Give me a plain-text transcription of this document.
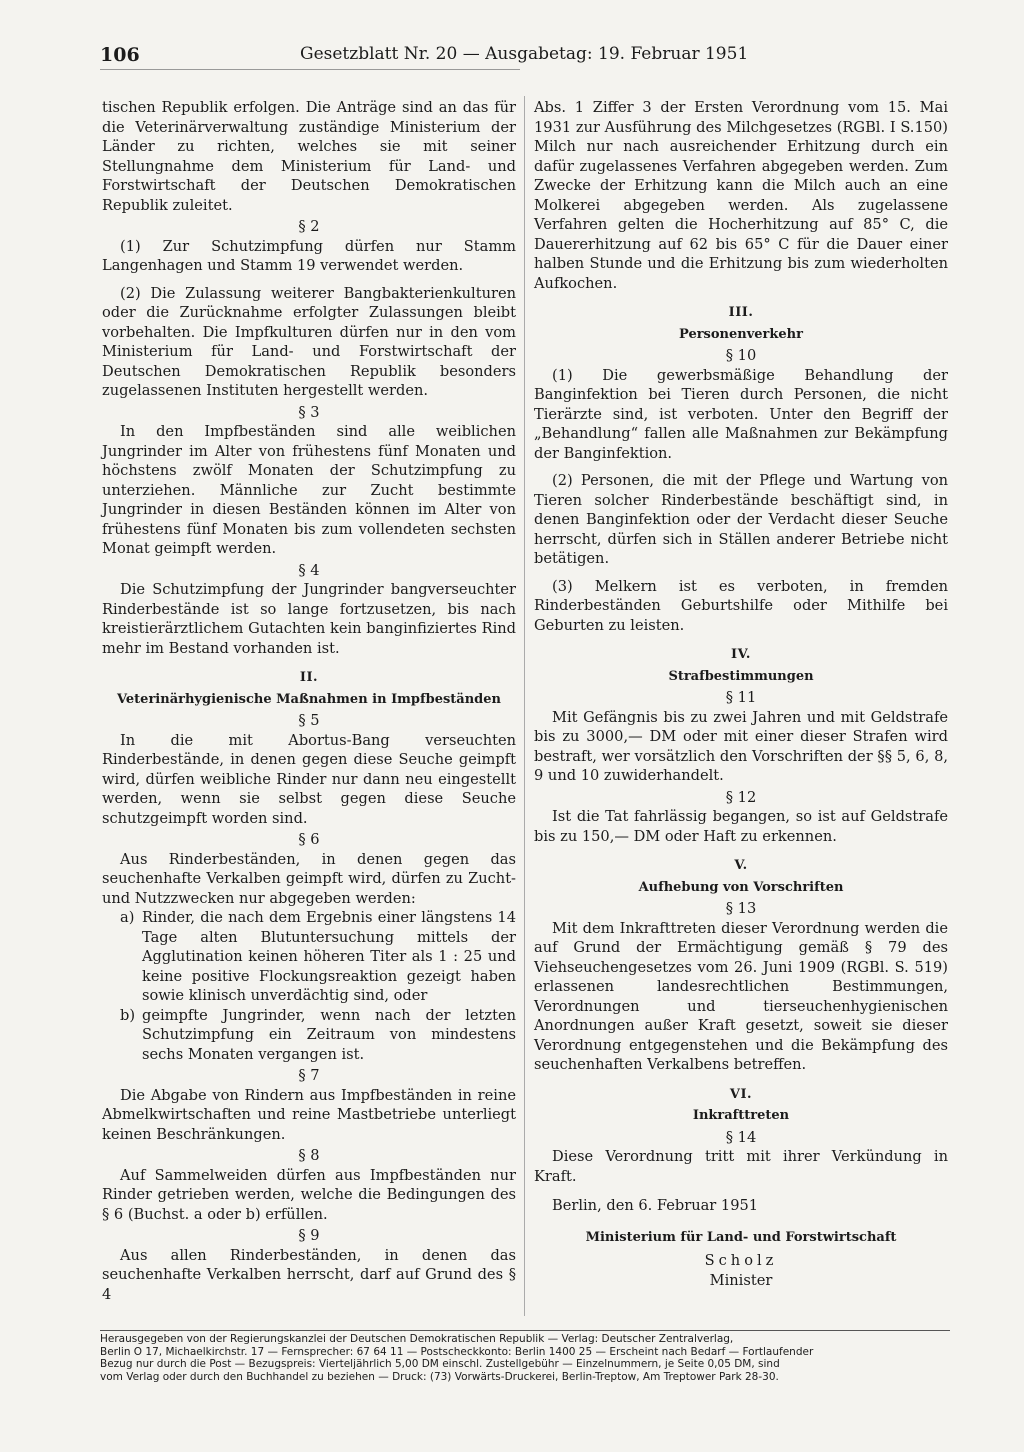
106	Gesetzblatt Nr. 20 — Ausgabetag: 19. Februar 1951

tischen Republik erfolgen. Die Anträge sind an das für die Veterinärverwaltung zuständige Ministerium der Länder zu richten, welches sie mit seiner Stellungnahme dem Ministerium für Land- und Forstwirtschaft der Deutschen Demokratischen Republik zuleitet.

§ 2

(1) Zur Schutzimpfung dürfen nur Stamm Langenhagen und Stamm 19 verwendet werden.

(2) Die Zulassung weiterer Bangbakterienkulturen oder die Zurücknahme erfolgter Zulassungen bleibt vorbehalten. Die Impfkulturen dürfen nur in den vom Ministerium für Land- und Forstwirtschaft der Deutschen Demokratischen Republik besonders zugelassenen Instituten hergestellt werden.

§ 3

In den Impfbeständen sind alle weiblichen Jungrinder im Alter von frühestens fünf Monaten und höchstens zwölf Monaten der Schutzimpfung zu unterziehen. Männliche zur Zucht bestimmte Jungrinder in diesen Beständen können im Alter von frühestens fünf Monaten bis zum vollendeten sechsten Monat geimpft werden.

§ 4

Die Schutzimpfung der Jungrinder bangverseuchter Rinderbestände ist so lange fortzusetzen, bis nach kreistierärztlichem Gutachten kein banginfiziertes Rind mehr im Bestand vorhanden ist.

II.

Veterinärhygienische Maßnahmen in Impfbeständen

§ 5

In die mit Abortus-Bang verseuchten Rinderbestände, in denen gegen diese Seuche geimpft wird, dürfen weibliche Rinder nur dann neu eingestellt werden, wenn sie selbst gegen diese Seuche schutzgeimpft worden sind.

§ 6

Aus Rinderbeständen, in denen gegen das seuchenhafte Verkalben geimpft wird, dürfen zu Zucht- und Nutzzwecken nur abgegeben werden:

a) Rinder, die nach dem Ergebnis einer längstens 14 Tage alten Blutuntersuchung mittels der Agglutination keinen höheren Titer als 1 : 25 und keine positive Flockungsreaktion gezeigt haben sowie klinisch unverdächtig sind, oder
b) geimpfte Jungrinder, wenn nach der letzten Schutzimpfung ein Zeitraum von mindestens sechs Monaten vergangen ist.

§ 7

Die Abgabe von Rindern aus Impfbeständen in reine Abmelkwirtschaften und reine Mastbetriebe unterliegt keinen Beschränkungen.

§ 8

Auf Sammelweiden dürfen aus Impfbeständen nur Rinder getrieben werden, welche die Bedingungen des § 6 (Buchst. a oder b) erfüllen.

§ 9

Aus allen Rinderbeständen, in denen das seuchenhafte Verkalben herrscht, darf auf Grund des § 4

Abs. 1 Ziffer 3 der Ersten Verordnung vom 15. Mai 1931 zur Ausführung des Milchgesetzes (RGBl. I S.150) Milch nur nach ausreichender Erhitzung durch ein dafür zugelassenes Verfahren abgegeben werden. Zum Zwecke der Erhitzung kann die Milch auch an eine Molkerei abgegeben werden. Als zugelassene Verfahren gelten die Hocherhitzung auf 85° C, die Dauererhitzung auf 62 bis 65° C für die Dauer einer halben Stunde und die Erhitzung bis zum wiederholten Aufkochen.

III.

Personenverkehr

§ 10

(1) Die gewerbsmäßige Behandlung der Banginfektion bei Tieren durch Personen, die nicht Tierärzte sind, ist verboten. Unter den Begriff der „Behandlung“ fallen alle Maßnahmen zur Bekämpfung der Banginfektion.

(2) Personen, die mit der Pflege und Wartung von Tieren solcher Rinderbestände beschäftigt sind, in denen Banginfektion oder der Verdacht dieser Seuche herrscht, dürfen sich in Ställen anderer Betriebe nicht betätigen.

(3) Melkern ist es verboten, in fremden Rinderbeständen Geburtshilfe oder Mithilfe bei Geburten zu leisten.

IV.

Strafbestimmungen

§ 11

Mit Gefängnis bis zu zwei Jahren und mit Geldstrafe bis zu 3000,— DM oder mit einer dieser Strafen wird bestraft, wer vorsätzlich den Vorschriften der §§ 5, 6, 8, 9 und 10 zuwiderhandelt.

§ 12

Ist die Tat fahrlässig begangen, so ist auf Geldstrafe bis zu 150,— DM oder Haft zu erkennen.

V.

Aufhebung von Vorschriften

§ 13

Mit dem Inkrafttreten dieser Verordnung werden die auf Grund der Ermächtigung gemäß § 79 des Viehseuchengesetzes vom 26. Juni 1909 (RGBl. S. 519) erlassenen landesrechtlichen Bestimmungen, Verordnungen und tierseuchenhygienischen Anordnungen außer Kraft gesetzt, soweit sie dieser Verordnung entgegenstehen und die Bekämpfung des seuchenhaften Verkalbens betreffen.

VI.

Inkrafttreten

§ 14

Diese Verordnung tritt mit ihrer Verkündung in Kraft.

Berlin, den 6. Februar 1951

Ministerium für Land- und Forstwirtschaft

Scholz

Minister

Herausgegeben von der Regierungskanzlei der Deutschen Demokratischen Republik — Verlag: Deutscher Zentralverlag,
Berlin O 17, Michaelkirchstr. 17 — Fernsprecher: 67 64 11 — Postscheckkonto: Berlin 1400 25 — Erscheint nach Bedarf — Fortlaufender
Bezug nur durch die Post — Bezugspreis: Vierteljährlich 5,00 DM einschl. Zustellgebühr — Einzelnummern, je Seite 0,05 DM, sind
vom Verlag oder durch den Buchhandel zu beziehen — Druck: (73) Vorwärts-Druckerei, Berlin-Treptow, Am Treptower Park 28-30.
